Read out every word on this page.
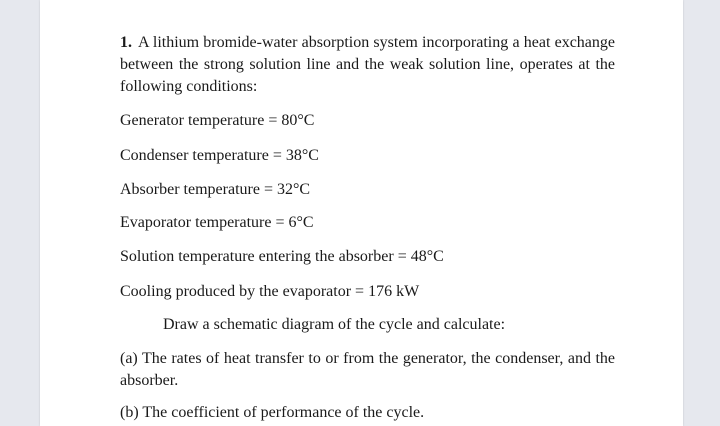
1. A lithium bromide-water absorption system incorporating a heat exchange between the strong solution line and the weak solution line, operates at the following conditions:
Generator temperature = 80°C
Condenser temperature = 38°C
Absorber temperature = 32°C
Evaporator temperature = 6°C
Solution temperature entering the absorber = 48°C
Cooling produced by the evaporator = 176 kW
Draw a schematic diagram of the cycle and calculate:
(a) The rates of heat transfer to or from the generator, the condenser, and the absorber.
(b) The coefficient of performance of the cycle.
